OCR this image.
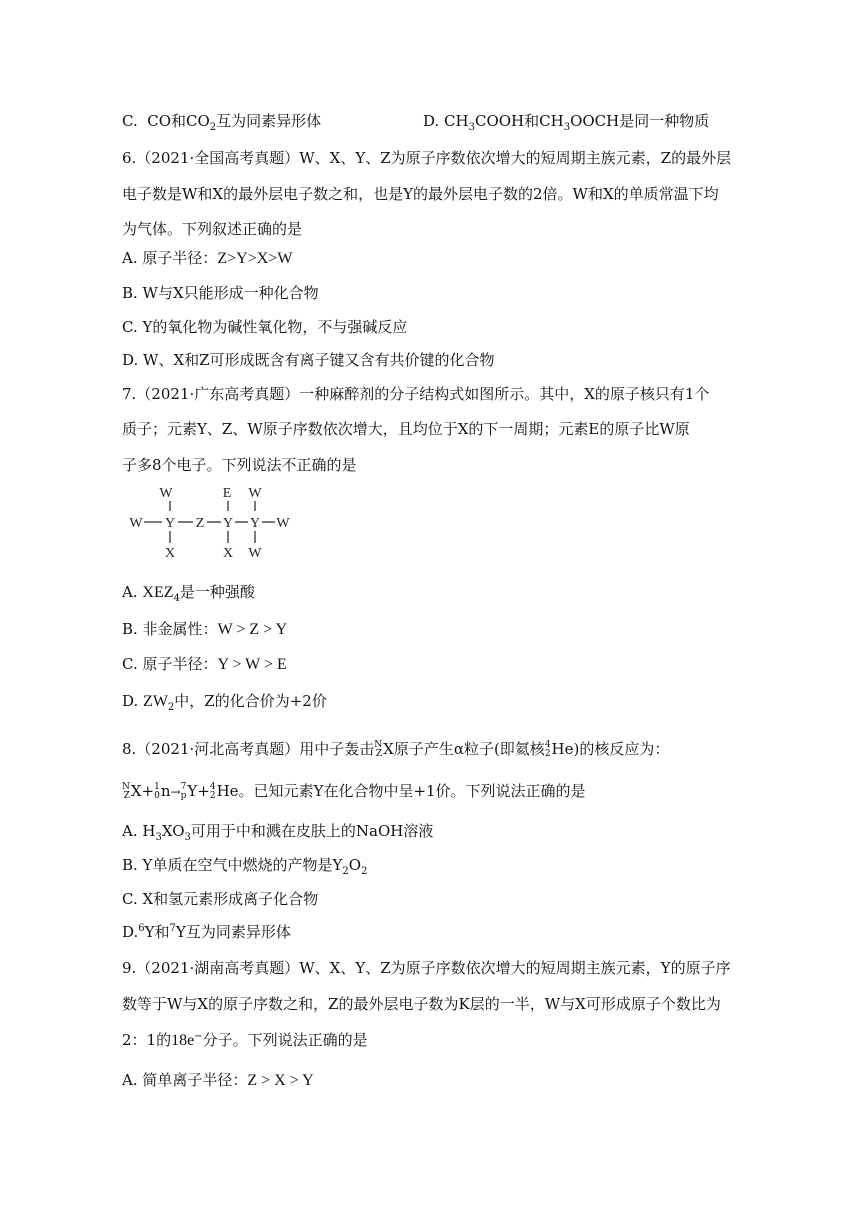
C.  CO和$CO_2$互为同素异形体	D. $CH_3COOH$和$CH_3OOCH$是同一种物质
6.（2021·全国高考真题）W、X、Y、Z为原子序数依次增大的短周期主族元素，Z的最外层
电子数是W和X的最外层电子数之和，也是Y的最外层电子数的2倍。W和X的单质常温下均
为气体。下列叙述正确的是
A. 原子半径：Z>Y>X>W
B. W与X只能形成一种化合物
C. Y的氧化物为碱性氧化物，不与强碱反应
D. W、X和Z可形成既含有离子键又含有共价键的化合物
7.（2021·广东高考真题）一种麻醉剂的分子结构式如图所示。其中，X的原子核只有1个
质子；元素Y、Z、W原子序数依次增大，且均位于X的下一周期；元素E的原子比W原
子多8个电子。下列说法不正确的是
W	E W
W Y Z Y Y W
X	X W
A. $XEZ_4$是一种强酸
B. 非金属性：W > Z > Y
C. 原子半径：Y > W > E
D. $ZW_2$中，Z的化合价为+2价
8.（2021·河北高考真题）用中子轰击 N
Z X原子产生α粒子(即氦核 4
2 He)的核反应为：
N
Z X+ 1
0 n→ 7
p Y+ 4
2 He。已知元素Y在化合物中呈+1价。下列说法正确的是
A. $H_3XO_3$可用于中和溅在皮肤上的NaOH溶液
B. Y单质在空气中燃烧的产物是$Y_2O_2$
C. X和氢元素形成离子化合物
D.$^6$Y和$^7$Y互为同素异形体
9.（2021·湖南高考真题）W、X、Y、Z为原子序数依次增大的短周期主族元素，Y的原子序
数等于W与X的原子序数之和，Z的最外层电子数为K层的一半，W与X可形成原子个数比为
2：1的18e−分子。下列说法正确的是
A. 简单离子半径：Z > X > Y
